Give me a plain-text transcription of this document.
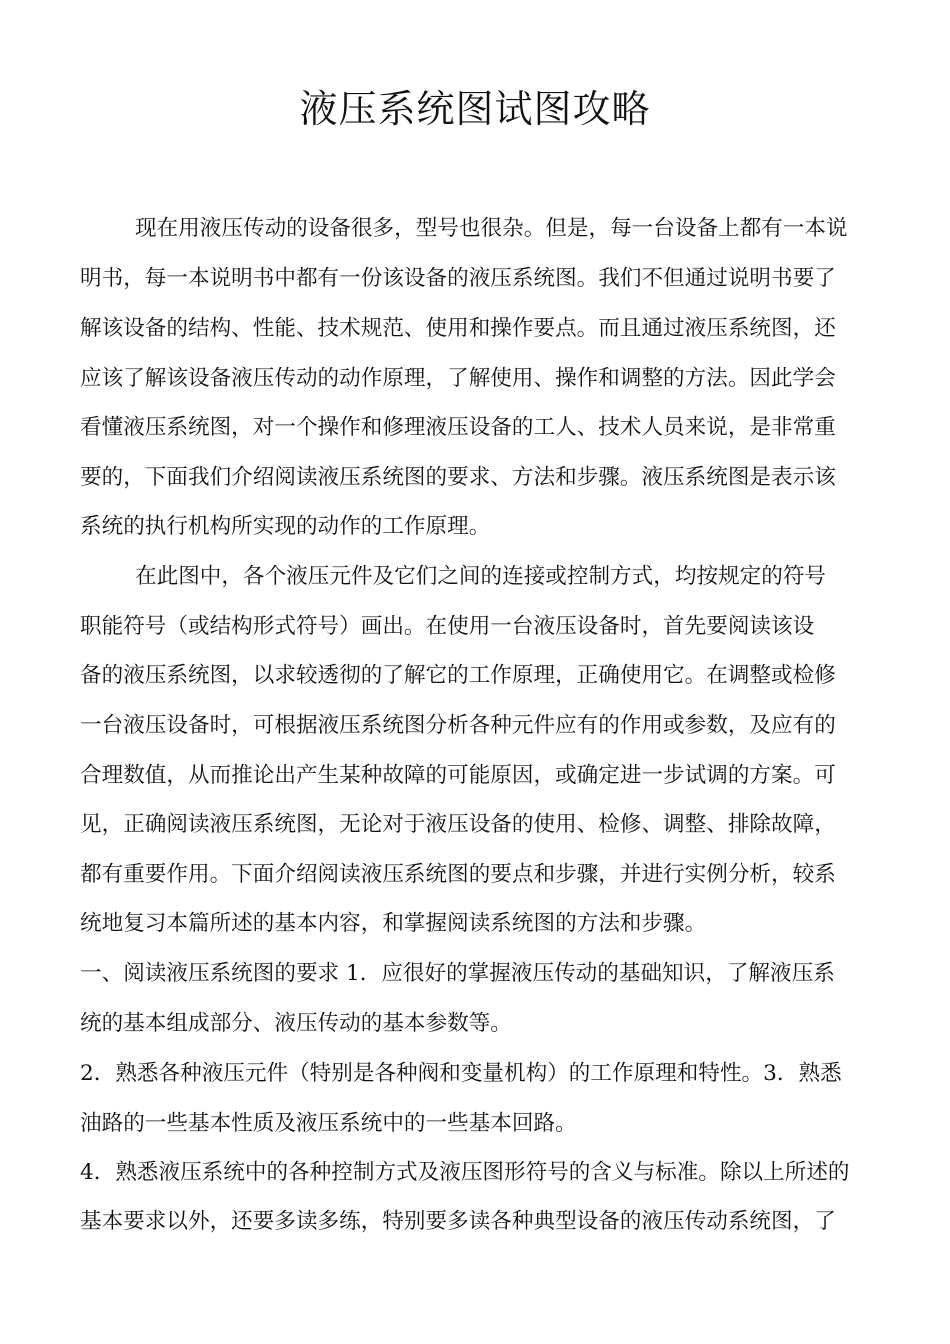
液压系统图试图攻略
现在用液压传动的设备很多，型号也很杂。但是，每一台设备上都有一本说
明书，每一本说明书中都有一份该设备的液压系统图。我们不但通过说明书要了
解该设备的结构、性能、技术规范、使用和操作要点。而且通过液压系统图，还
应该了解该设备液压传动的动作原理，了解使用、操作和调整的方法。因此学会
看懂液压系统图，对一个操作和修理液压设备的工人、技术人员来说，是非常重
要的，下面我们介绍阅读液压系统图的要求、方法和步骤。液压系统图是表示该
系统的执行机构所实现的动作的工作原理。
在此图中，各个液压元件及它们之间的连接或控制方式，均按规定的符号
职能符号（或结构形式符号）画出。在使用一台液压设备时，首先要阅读该设
备的液压系统图，以求较透彻的了解它的工作原理，正确使用它。在调整或检修
一台液压设备时，可根据液压系统图分析各种元件应有的作用或参数，及应有的
合理数值，从而推论出产生某种故障的可能原因，或确定进一步试调的方案。可
见，正确阅读液压系统图，无论对于液压设备的使用、检修、调整、排除故障，
都有重要作用。下面介绍阅读液压系统图的要点和步骤，并进行实例分析，较系
统地复习本篇所述的基本内容，和掌握阅读系统图的方法和步骤。
一、阅读液压系统图的要求 1．应很好的掌握液压传动的基础知识，了解液压系
统的基本组成部分、液压传动的基本参数等。
2．熟悉各种液压元件（特别是各种阀和变量机构）的工作原理和特性。3．熟悉
油路的一些基本性质及液压系统中的一些基本回路。
4．熟悉液压系统中的各种控制方式及液压图形符号的含义与标准。除以上所述的
基本要求以外，还要多读多练，特别要多读各种典型设备的液压传动系统图，了
